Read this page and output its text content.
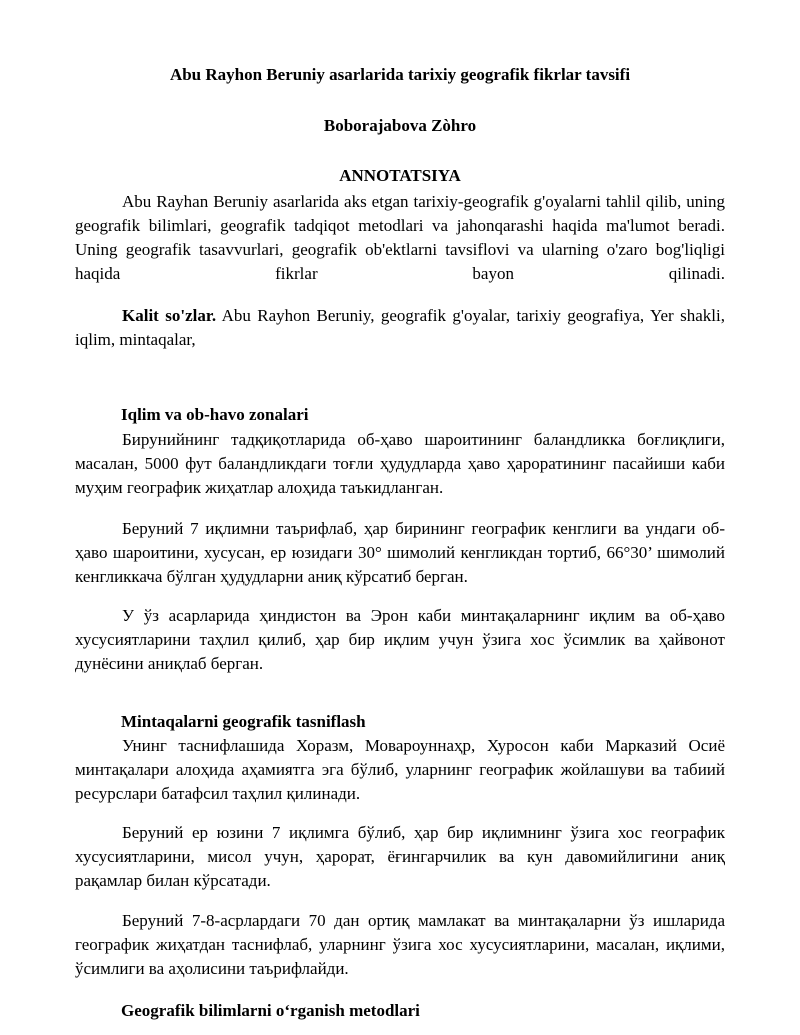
Abu Rayhon Beruniy asarlarida tarixiy geografik fikrlar tavsifi
Boborajabova Zòhro
ANNOTATSIYA

Abu Rayhan Beruniy asarlarida aks etgan tarixiy-geografik g'oyalarni tahlil qilib, uning geografik bilimlari, geografik tadqiqot metodlari va jahonqarashi haqida ma'lumot beradi. Uning geografik tasavvurlari, geografik ob'ektlarni tavsiflovi va ularning o'zaro bog'liqligi haqida fikrlar bayon qilinadi.

Kalit so'zlar. Abu Rayhon Beruniy, geografik g'oyalar, tarixiy geografiya, Yer shakli, iqlim, mintaqalar,

Iqlim va ob-havo zonalari

Бирунийнинг тадқиқотларида об-ҳаво шароитининг баландликка боғлиқлиги, масалан, 5000 фут баландликдаги тоғли ҳудудларда ҳаво ҳароратининг пасайиши каби муҳим географик жиҳатлар алоҳида таъкидланган.

Беруний 7 иқлимни таърифлаб, ҳар бирининг географик кенглиги ва ундаги об-ҳаво шароитини, хусусан, ер юзидаги 30° шимолий кенгликдан тортиб, 66°30’ шимолий кенгликкача бўлган ҳудудларни аниқ кўрсатиб берган.

У ўз асарларида ҳиндистон ва Эрон каби минтақаларнинг иқлим ва об-ҳаво хусусиятларини таҳлил қилиб, ҳар бир иқлим учун ўзига хос ўсимлик ва ҳайвонот дунёсини аниқлаб берган.

Mintaqalarni geografik tasniflash

Унинг таснифлашида Хоразм, Мовароуннаҳр, Хуросон каби Марказий Осиё минтақалари алоҳида аҳамиятга эга бўлиб, уларнинг географик жойлашуви ва табиий ресурслари батафсил таҳлил қилинади.

Беруний ер юзини 7 иқлимга бўлиб, ҳар бир иқлимнинг ўзига хос географик хусусиятларини, мисол учун, ҳарорат, ёғингарчилик ва кун давомийлигини аниқ рақамлар билан кўрсатади.

Беруний 7-8-асрлардаги 70 дан ортиқ мамлакат ва минтақаларни ўз ишларида географик жиҳатдан таснифлаб, уларнинг ўзига хос хусусиятларини, масалан, иқлими, ўсимлиги ва аҳолисини таърифлайди.

Geografik bilimlarni o‘rganish metodlari
